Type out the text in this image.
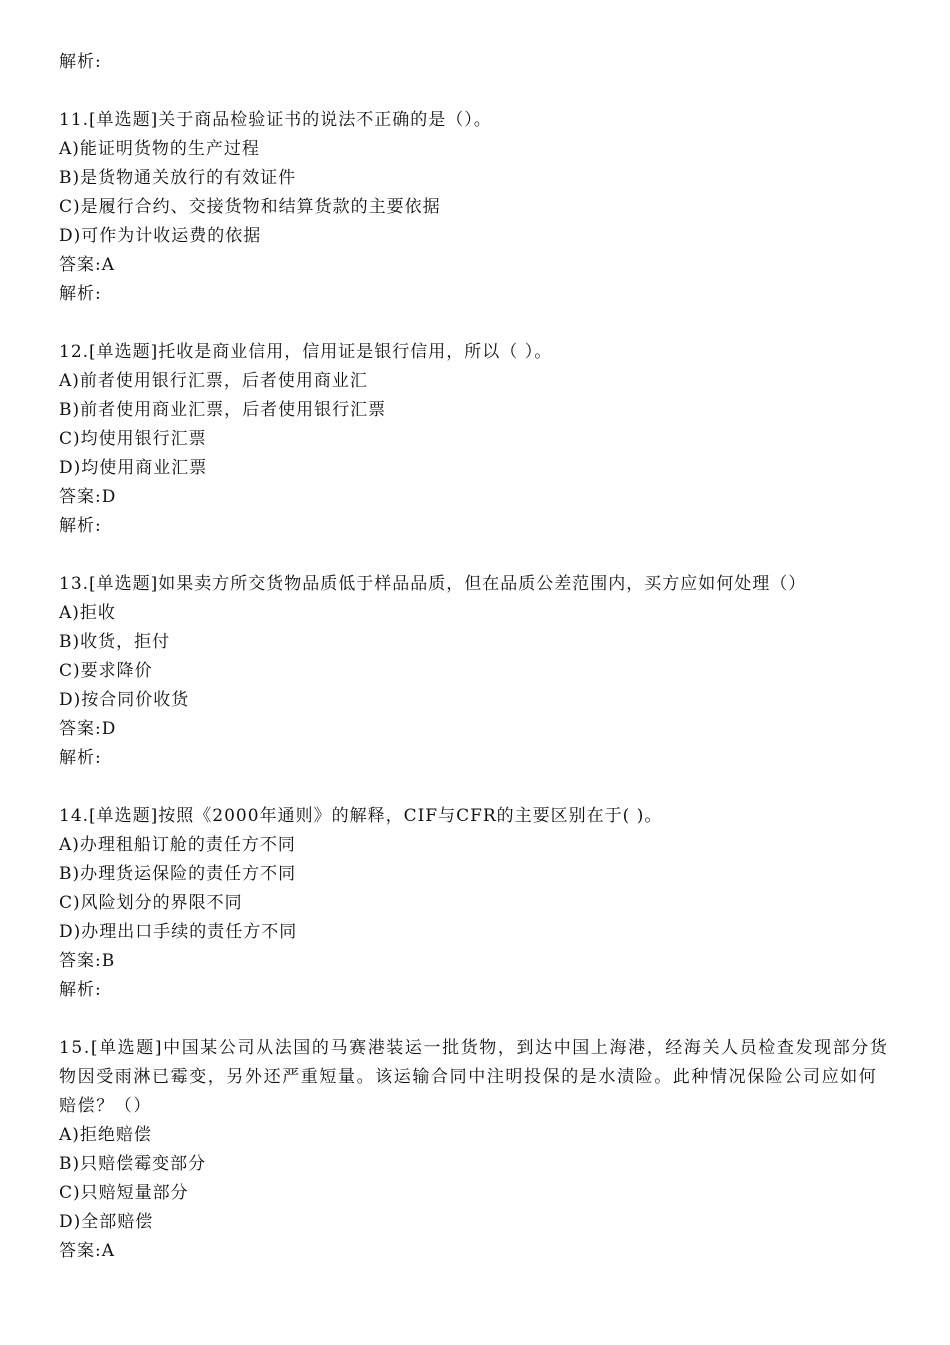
解析:
11.[单选题]关于商品检验证书的说法不正确的是（）。
A)能证明货物的生产过程
B)是货物通关放行的有效证件
C)是履行合约、交接货物和结算货款的主要依据
D)可作为计收运费的依据
答案:A
解析:
12.[单选题]托收是商业信用，信用证是银行信用，所以（ ）。
A)前者使用银行汇票，后者使用商业汇
B)前者使用商业汇票，后者使用银行汇票
C)均使用银行汇票
D)均使用商业汇票
答案:D
解析:
13.[单选题]如果卖方所交货物品质低于样品品质，但在品质公差范围内，买方应如何处理（）
A)拒收
B)收货，拒付
C)要求降价
D)按合同价收货
答案:D
解析:
14.[单选题]按照《2000年通则》的解释，CIF与CFR的主要区别在于( )。
A)办理租船订舱的责任方不同
B)办理货运保险的责任方不同
C)风险划分的界限不同
D)办理出口手续的责任方不同
答案:B
解析:
15.[单选题]中国某公司从法国的马赛港装运一批货物，到达中国上海港，经海关人员检查发现部分货物因受雨淋已霉变，另外还严重短量。该运输合同中注明投保的是水渍险。此种情况保险公司应如何赔偿？（）
A)拒绝赔偿
B)只赔偿霉变部分
C)只赔短量部分
D)全部赔偿
答案:A
